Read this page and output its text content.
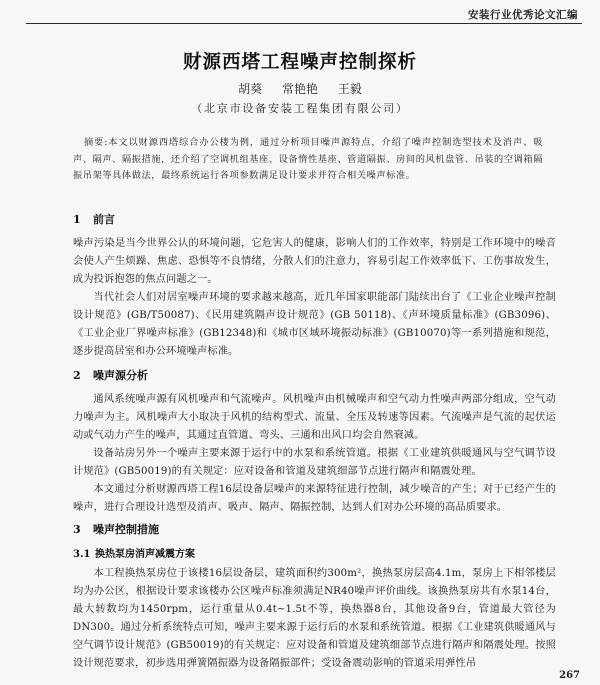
安装行业优秀论文汇编
财源西塔工程噪声控制探析
胡葵 常艳艳 王毅
（北京市设备安装工程集团有限公司）

摘要:本文以财源西塔综合办公楼为例，通过分析项目噪声源特点，介绍了噪声控制选型技术及消声、吸声、隔声、隔振措施，还介绍了空调机组基座、设备惰性基座、管道隔振、房间的风机盘管、吊装的空调箱隔振吊架等具体做法，最终系统运行各项参数满足设计要求并符合相关噪声标准。

1 前言

噪声污染是当今世界公认的环境问题，它危害人的健康，影响人们的工作效率，特别是工作环境中的噪音会使人产生烦躁、焦虑、恐惧等不良情绪，分散人们的注意力，容易引起工作效率低下、工伤事故发生，成为投诉抱怨的焦点问题之一。

当代社会人们对居室噪声环境的要求越来越高，近几年国家职能部门陆续出台了《工业企业噪声控制设计规范》(GB/T50087)、《民用建筑隔声设计规范》(GB 50118)、《声环境质量标准》(GB3096)、《工业企业厂界噪声标准》(GB12348)和《城市区域环境振动标准》(GB10070)等一系列措施和规范，逐步提高居室和办公环境噪声标准。

2 噪声源分析

通风系统噪声源有风机噪声和气流噪声。风机噪声由机械噪声和空气动力性噪声两部分组成，空气动力噪声为主。风机噪声大小取决于风机的结构型式、流量、全压及转速等因素。气流噪声是气流的起伏运动或气动力产生的噪声，其通过直管道、弯头、三通和出风口均会自然衰减。

设备站房另外一个噪声主要来源于运行中的水泵和系统管道。根据《工业建筑供暖通风与空气调节设计规范》(GB50019)的有关规定：应对设备和管道及建筑细部节点进行隔声和隔震处理。

本文通过分析财源西塔工程16层设备层噪声的来源特征进行控制，减少噪音的产生；对于已经产生的噪声，进行合理设计选型及消声、吸声、隔声、隔振控制，达到人们对办公环境的高品质要求。

3 噪声控制措施
3.1 换热泵房消声减震方案

本工程换热泵房位于该楼16层设备层，建筑面积约300m²，换热泵房层高4.1m，泵房上下相邻楼层均为办公区，根据设计要求该楼办公区噪声标准须满足NR40噪声评价曲线。该换热泵房共有水泵14台，最大转数均为1450rpm，运行重量从0.4t~1.5t不等，换热器8台，其他设备9台，管道最大管径为DN300。通过分析系统特点可知，噪声主要来源于运行后的水泵和系统管道。根据《工业建筑供暖通风与空气调节设计规范》(GB50019)的有关规定：应对设备和管道及建筑细部节点进行隔声和隔震处理。按照设计规范要求，初步选用弹簧隔振器为设备隔振部件；受设备震动影响的管道采用弹性吊

267
